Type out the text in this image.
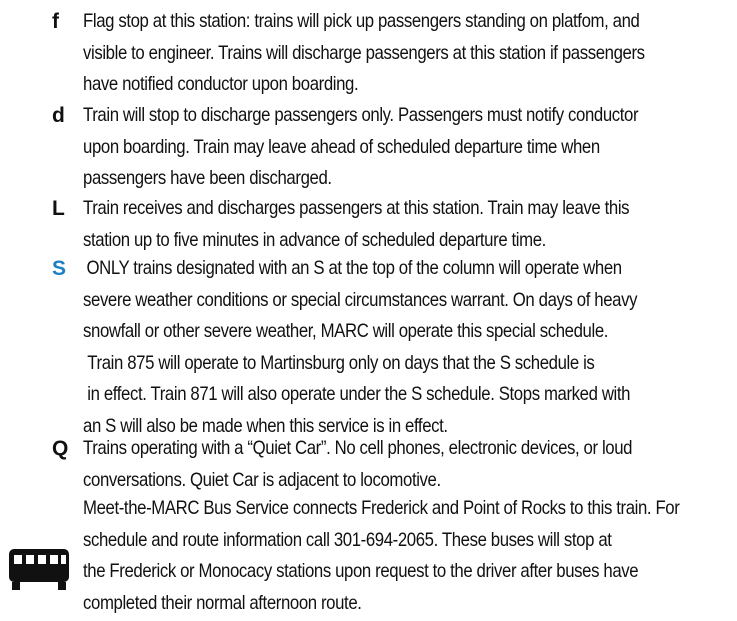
f	Flag stop at this station: trains will pick up passengers standing on platfom, and
visible to engineer. Trains will discharge passengers at this station if passengers
have notified conductor upon boarding.

d Train will stop to discharge passengers only. Passengers must notify conductor
upon boarding. Train may leave ahead of scheduled departure time when
passengers have been discharged.

L Train receives and discharges passengers at this station. Train may leave this
station up to five minutes in advance of scheduled departure time.

S	ONLY trains designated with an S at the top of the column will operate when
severe weather conditions or special circumstances warrant. On days of heavy
snowfall or other severe weather, MARC will operate this special schedule.
Train 875 will operate to Martinsburg only on days that the S schedule is
in effect. Train 871 will also operate under the S schedule. Stops marked with
an S will also be made when this service is in effect.

Q Trains operating with a “Quiet Car”. No cell phones, electronic devices, or loud
conversations. Quiet Car is adjacent to locomotive.

Meet-the-MARC Bus Service connects Frederick and Point of Rocks to this train. For
schedule and route information call 301-694-2065. These buses will stop at
the Frederick or Monocacy stations upon request to the driver after buses have
completed their normal afternoon route.
